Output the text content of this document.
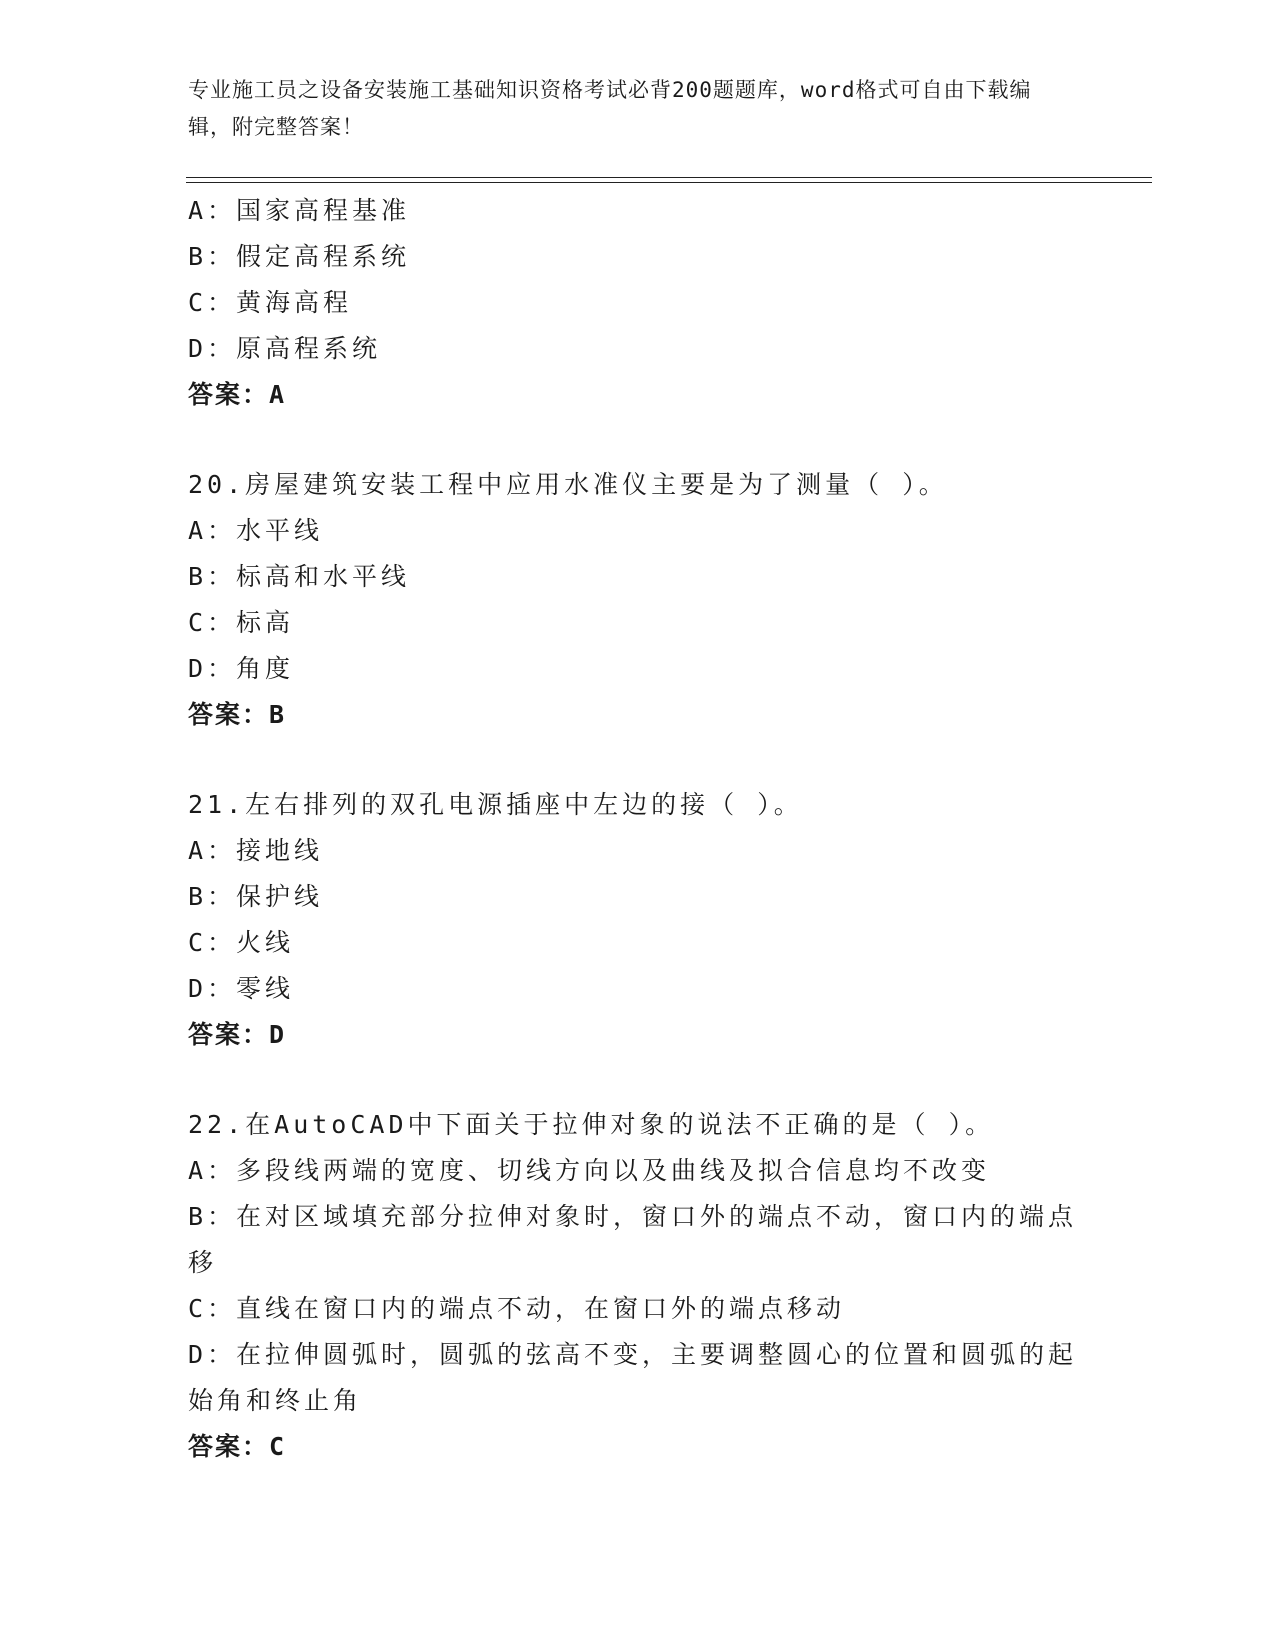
专业施工员之设备安装施工基础知识资格考试必背200题题库，word格式可自由下载编辑，附完整答案！
A：国家高程基准
B：假定高程系统
C：黄海高程
D：原高程系统
答案：A
20.房屋建筑安装工程中应用水准仪主要是为了测量（ ）。
A：水平线
B：标高和水平线
C：标高
D：角度
答案：B
21.左右排列的双孔电源插座中左边的接（ ）。
A：接地线
B：保护线
C：火线
D：零线
答案：D
22.在AutoCAD中下面关于拉伸对象的说法不正确的是（ ）。
A：多段线两端的宽度、切线方向以及曲线及拟合信息均不改变
B：在对区域填充部分拉伸对象时，窗口外的端点不动，窗口内的端点移
C：直线在窗口内的端点不动，在窗口外的端点移动
D：在拉伸圆弧时，圆弧的弦高不变，主要调整圆心的位置和圆弧的起始角和终止角
答案：C
